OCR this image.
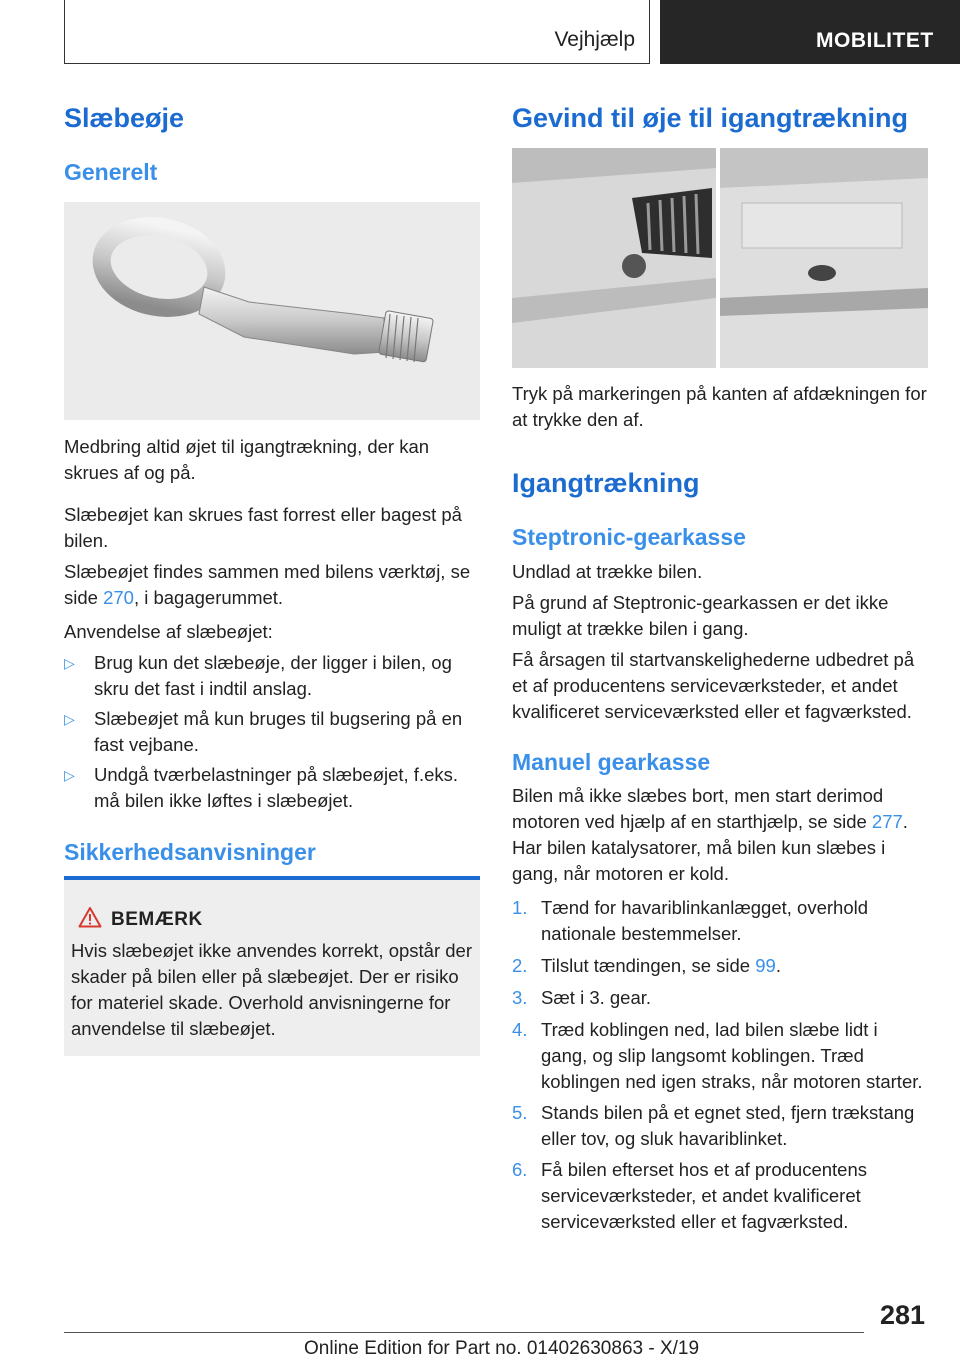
Vejhjælp	MOBILITET
Slæbeøje
Generelt
Medbring altid øjet til igangtrækning, der kan skrues af og på.
Slæbeøjet kan skrues fast forrest eller bagest på bilen.
Slæbeøjet findes sammen med bilens værktøj, se side 270, i bagagerummet.
Anvendelse af slæbeøjet:
▷	Brug kun det slæbeøje, der ligger i bilen, og skru det fast i indtil anslag.
▷	Slæbeøjet må kun bruges til bugsering på en fast vejbane.
▷	Undgå tværbelastninger på slæbeøjet, f.eks. må bilen ikke løftes i slæbeøjet.
Sikkerhedsanvisninger
BEMÆRK
Hvis slæbeøjet ikke anvendes korrekt, opstår der skader på bilen eller på slæbeøjet. Der er risiko for materiel skade. Overhold anvisningerne for anvendelse til slæbeøjet.
Gevind til øje til igangtrækning
Tryk på markeringen på kanten af afdækningen for at trykke den af.
Igangtrækning
Steptronic-gearkasse
Undlad at trække bilen.
På grund af Steptronic-gearkassen er det ikke muligt at trække bilen i gang.
Få årsagen til startvanskelighederne udbedret på et af producentens serviceværksteder, et andet kvalificeret serviceværksted eller et fagværksted.
Manuel gearkasse
Bilen må ikke slæbes bort, men start derimod motoren ved hjælp af en starthjælp, se side 277. Har bilen katalysatorer, må bilen kun slæbes i gang, når motoren er kold.
1. Tænd for havariblinkanlægget, overhold nationale bestemmelser.
2. Tilslut tændingen, se side 99.
3. Sæt i 3. gear.
4. Træd koblingen ned, lad bilen slæbe lidt i gang, og slip langsomt koblingen. Træd koblingen ned igen straks, når motoren starter.
5. Stands bilen på et egnet sted, fjern trækstang eller tov, og sluk havariblinket.
6. Få bilen efterset hos et af producentens serviceværksteder, et andet kvalificeret serviceværksted eller et fagværksted.
281
Online Edition for Part no. 01402630863 - X/19
